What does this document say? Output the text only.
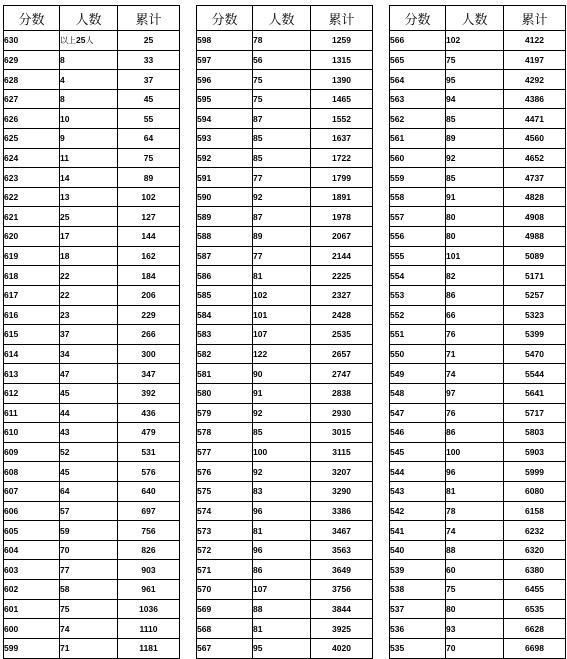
分数	人数	累计
630	以上25人	25
629	8	33
628	4	37
627	8	45
626	10	55
625	9	64
624	11	75
623	14	89
622	13	102
621	25	127
620	17	144
619	18	162
618	22	184
617	22	206
616	23	229
615	37	266
614	34	300
613	47	347
612	45	392
611	44	436
610	43	479
609	52	531
608	45	576
607	64	640
606	57	697
605	59	756
604	70	826
603	77	903
602	58	961
601	75	1036
600	74	1110
599	71	1181
分数	人数	累计
598	78	1259
597	56	1315
596	75	1390
595	75	1465
594	87	1552
593	85	1637
592	85	1722
591	77	1799
590	92	1891
589	87	1978
588	89	2067
587	77	2144
586	81	2225
585	102	2327
584	101	2428
583	107	2535
582	122	2657
581	90	2747
580	91	2838
579	92	2930
578	85	3015
577	100	3115
576	92	3207
575	83	3290
574	96	3386
573	81	3467
572	96	3563
571	86	3649
570	107	3756
569	88	3844
568	81	3925
567	95	4020
分数	人数	累计
566	102	4122
565	75	4197
564	95	4292
563	94	4386
562	85	4471
561	89	4560
560	92	4652
559	85	4737
558	91	4828
557	80	4908
556	80	4988
555	101	5089
554	82	5171
553	86	5257
552	66	5323
551	76	5399
550	71	5470
549	74	5544
548	97	5641
547	76	5717
546	86	5803
545	100	5903
544	96	5999
543	81	6080
542	78	6158
541	74	6232
540	88	6320
539	60	6380
538	75	6455
537	80	6535
536	93	6628
535	70	6698
